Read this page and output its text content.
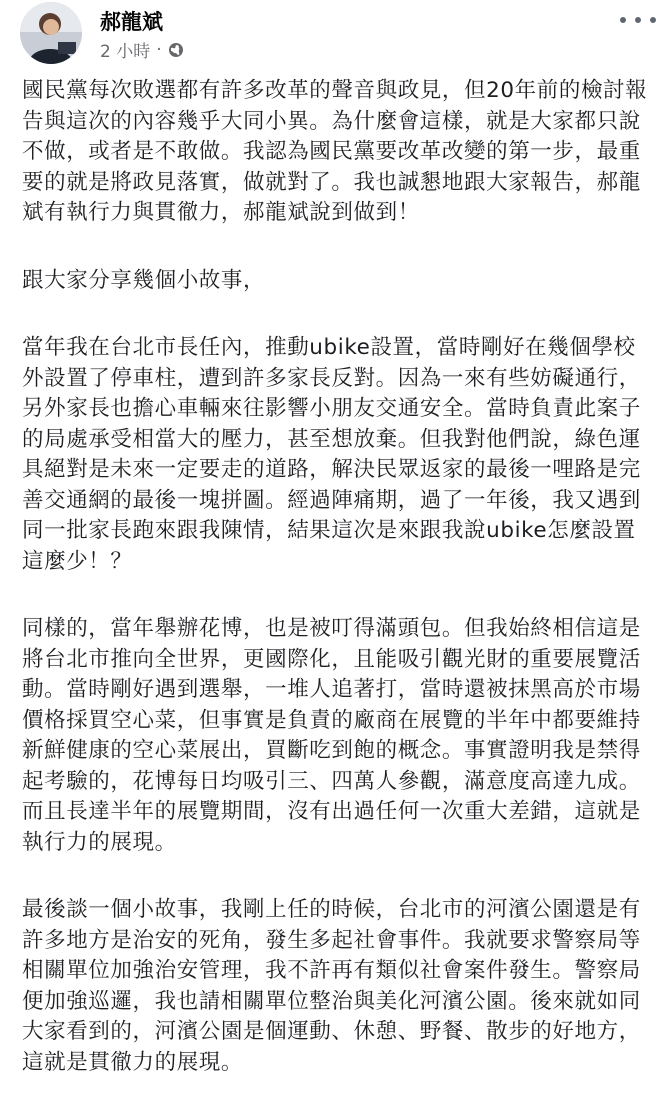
郝龍斌
2 小時 ·

國民黨每次敗選都有許多改革的聲音與政見，但20年前的檢討報告與這次的內容幾乎大同小異。為什麼會這樣，就是大家都只說不做，或者是不敢做。我認為國民黨要改革改變的第一步，最重要的就是將政見落實，做就對了。我也誠懇地跟大家報告，郝龍斌有執行力與貫徹力，郝龍斌說到做到！

跟大家分享幾個小故事，

當年我在台北市長任內，推動ubike設置，當時剛好在幾個學校外設置了停車柱，遭到許多家長反對。因為一來有些妨礙通行，另外家長也擔心車輛來往影響小朋友交通安全。當時負責此案子的局處承受相當大的壓力，甚至想放棄。但我對他們說，綠色運具絕對是未來一定要走的道路，解決民眾返家的最後一哩路是完善交通網的最後一塊拼圖。經過陣痛期，過了一年後，我又遇到同一批家長跑來跟我陳情，結果這次是來跟我說ubike怎麼設置這麼少！？

同樣的，當年舉辦花博，也是被叮得滿頭包。但我始終相信這是將台北市推向全世界，更國際化，且能吸引觀光財的重要展覽活動。當時剛好遇到選舉，一堆人追著打，當時還被抹黑高於市場價格採買空心菜，但事實是負責的廠商在展覽的半年中都要維持新鮮健康的空心菜展出，買斷吃到飽的概念。事實證明我是禁得起考驗的，花博每日均吸引三、四萬人參觀，滿意度高達九成。而且長達半年的展覽期間，沒有出過任何一次重大差錯，這就是執行力的展現。

最後談一個小故事，我剛上任的時候，台北市的河濱公園還是有許多地方是治安的死角，發生多起社會事件。我就要求警察局等相關單位加強治安管理，我不許再有類似社會案件發生。警察局便加強巡邏，我也請相關單位整治與美化河濱公園。後來就如同大家看到的，河濱公園是個運動、休憩、野餐、散步的好地方，這就是貫徹力的展現。
